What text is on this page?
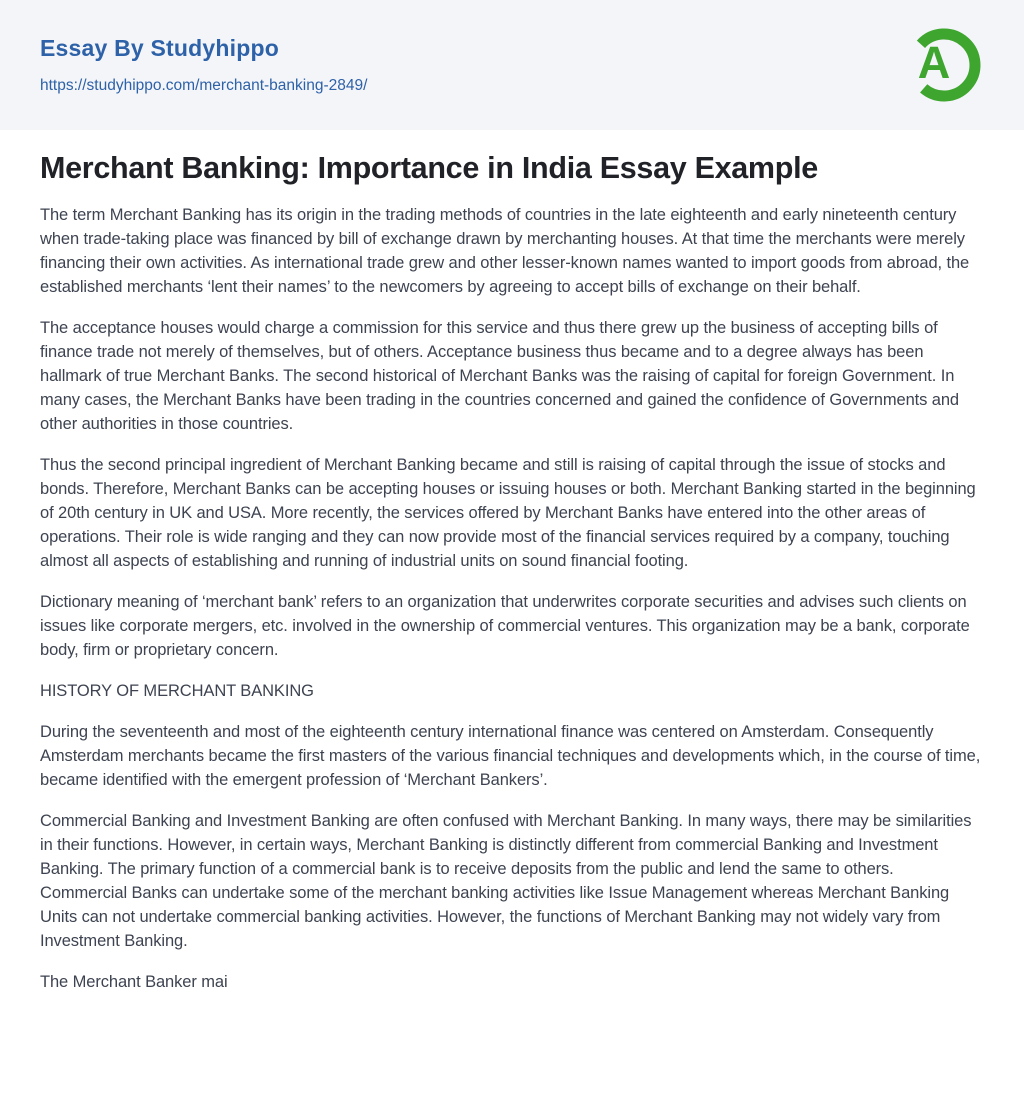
Essay By Studyhippo
https://studyhippo.com/merchant-banking-2849/	A
Merchant Banking: Importance in India Essay Example

The term Merchant Banking has its origin in the trading methods of countries in the late eighteenth and early nineteenth century when trade-taking place was financed by bill of exchange drawn by merchanting houses. At that time the merchants were merely financing their own activities. As international trade grew and other lesser-known names wanted to import goods from abroad, the established merchants ‘lent their names’ to the newcomers by agreeing to accept bills of exchange on their behalf.

The acceptance houses would charge a commission for this service and thus there grew up the business of accepting bills of finance trade not merely of themselves, but of others. Acceptance business thus became and to a degree always has been hallmark of true Merchant Banks. The second historical of Merchant Banks was the raising of capital for foreign Government. In many cases, the Merchant Banks have been trading in the countries concerned and gained the confidence of Governments and other authorities in those countries.

Thus the second principal ingredient of Merchant Banking became and still is raising of capital through the issue of stocks and bonds. Therefore, Merchant Banks can be accepting houses or issuing houses or both. Merchant Banking started in the beginning of 20th century in UK and USA. More recently, the services offered by Merchant Banks have entered into the other areas of operations. Their role is wide ranging and they can now provide most of the financial services required by a company, touching almost all aspects of establishing and running of industrial units on sound financial footing.

Dictionary meaning of ‘merchant bank’ refers to an organization that underwrites corporate securities and advises such clients on issues like corporate mergers, etc. involved in the ownership of commercial ventures. This organization may be a bank, corporate body, firm or proprietary concern.

HISTORY OF MERCHANT BANKING

During the seventeenth and most of the eighteenth century international finance was centered on Amsterdam. Consequently Amsterdam merchants became the first masters of the various financial techniques and developments which, in the course of time, became identified with the emergent profession of ‘Merchant Bankers’.

Commercial Banking and Investment Banking are often confused with Merchant Banking. In many ways, there may be similarities in their functions. However, in certain ways, Merchant Banking is distinctly different from commercial Banking and Investment Banking. The primary function of a commercial bank is to receive deposits from the public and lend the same to others. Commercial Banks can undertake some of the merchant banking activities like Issue Management whereas Merchant Banking Units can not undertake commercial banking activities. However, the functions of Merchant Banking may not widely vary from Investment Banking.

The Merchant Banker mai
